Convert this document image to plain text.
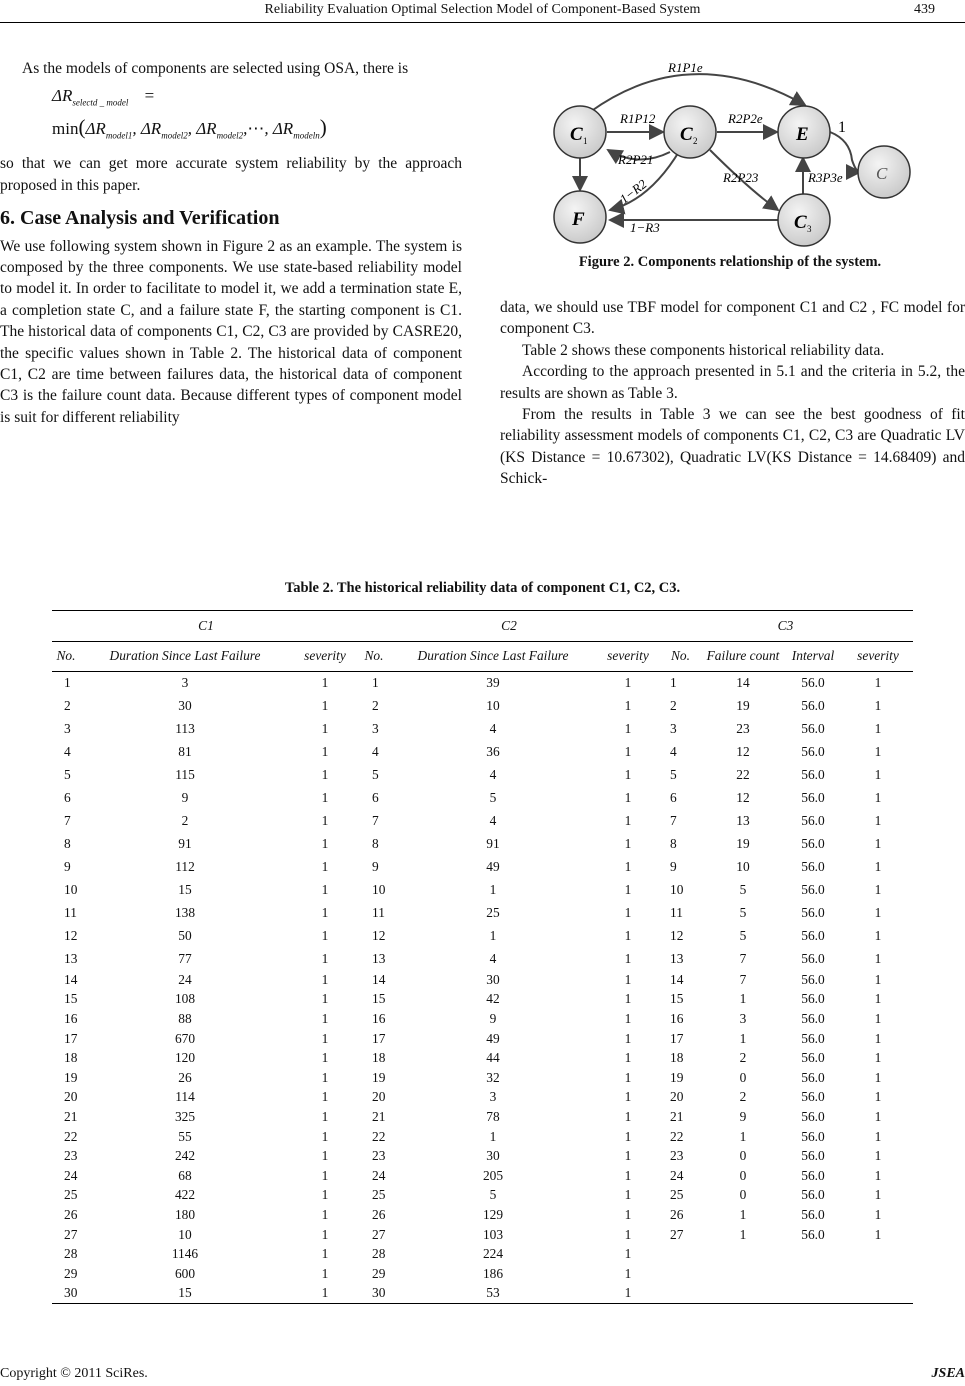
Reliability Evaluation Optimal Selection Model of Component-Based System	439

As the models of components are selected using OSA, there is

$\Delta R_{selectd \_ model}$ =
$\min(\Delta R_{model1}$, $\Delta R_{model2}$, $\Delta R_{model2},\cdots$, $\Delta R_{modeln}$)

so that we can get more accurate system reliability by the approach proposed in this paper.

6. Case Analysis and Verification

We use following system shown in Figure 2 as an example. The system is composed by the three components. We use state-based reliability model to model it. In order to facilitate to model it, we add a termination state E, a completion state C, and a failure state F, the starting component is C1. The historical data of components C1, C2, C3 are provided by CASRE20, the specific values shown in Table 2. The historical data of component C1, C2 are time between failures data, the historical data of component C3 is the failure count data. Because different types of component model is suit for different reliability

C 1	C 2	E
C
F	C 3
R1P1e
R1P12	R2P2e
R2P21
R2P23	R3P3e
1−R2
1−R3
1
Figure 2. Components relationship of the system.

data, we should use TBF model for component C1 and C2 , FC model for component C3.

Table 2 shows these components historical reliability data.

According to the approach presented in 5.1 and the criteria in 5.2, the results are shown as Table 3.

From the results in Table 3 we can see the best goodness of fit reliability assessment models of components C1, C2, C3 are Quadratic LV (KS Distance = 10.67302), Quadratic LV(KS Distance = 14.68409) and Schick-

Table 2. The historical reliability data of component C1, C2, C3.
C1			C2			C3			
No.	Duration Since Last Failure	severity	No.	Duration Since Last Failure	severity	No.	Failure count	Interval	severity
1	3	1	1	39	1	1	14	56.0	1
2	30	1	2	10	1	2	19	56.0	1
3	113	1	3	4	1	3	23	56.0	1
4	81	1	4	36	1	4	12	56.0	1
5	115	1	5	4	1	5	22	56.0	1
6	9	1	6	5	1	6	12	56.0	1
7	2	1	7	4	1	7	13	56.0	1
8	91	1	8	91	1	8	19	56.0	1
9	112	1	9	49	1	9	10	56.0	1
10	15	1	10	1	1	10	5	56.0	1
11	138	1	11	25	1	11	5	56.0	1
12	50	1	12	1	1	12	5	56.0	1
13	77	1	13	4	1	13	7	56.0	1
14	24	1	14	30	1	14	7	56.0	1
15	108	1	15	42	1	15	1	56.0	1
16	88	1	16	9	1	16	3	56.0	1
17	670	1	17	49	1	17	1	56.0	1
18	120	1	18	44	1	18	2	56.0	1
19	26	1	19	32	1	19	0	56.0	1
20	114	1	20	3	1	20	2	56.0	1
21	325	1	21	78	1	21	9	56.0	1
22	55	1	22	1	1	22	1	56.0	1
23	242	1	23	30	1	23	0	56.0	1
24	68	1	24	205	1	24	0	56.0	1
25	422	1	25	5	1	25	0	56.0	1
26	180	1	26	129	1	26	1	56.0	1
27	10	1	27	103	1	27	1	56.0	1
28	1146	1	28	224	1				
29	600	1	29	186	1				
30	15	1	30	53	1				
Copyright © 2011 SciRes.	JSEA
